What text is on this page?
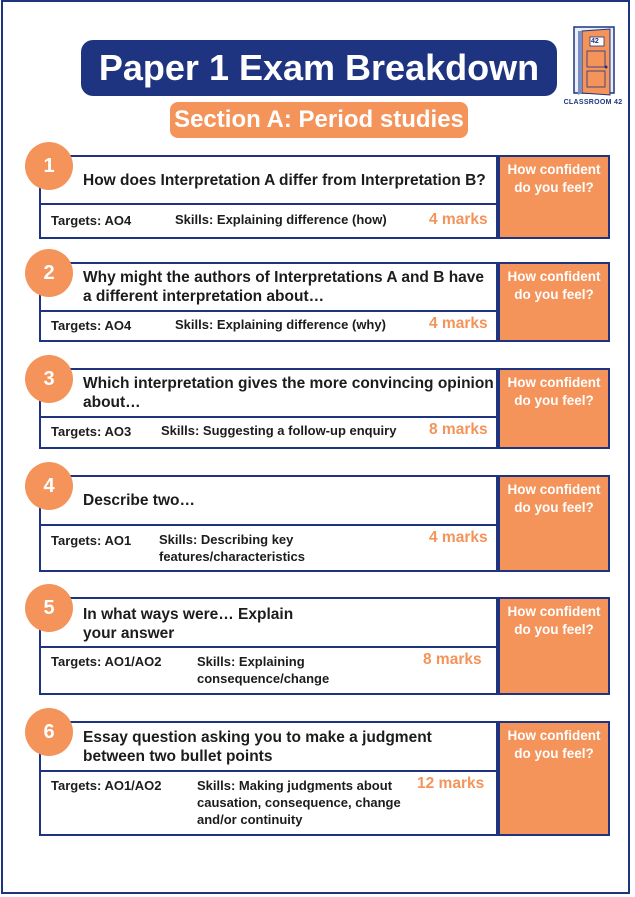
Paper 1 Exam Breakdown
Section A: Period studies
42
CLASSROOM 42
How does Interpretation A differ from Interpretation B?
Targets: AO4	Skills: Explaining difference (how)	4 marks
How confident do you feel?
1
Why might the authors of Interpretations A and B have a different interpretation about…
Targets: AO4	Skills: Explaining difference (why)	4 marks
How confident do you feel?
2
Which interpretation gives the more convincing opinion about…
Targets: AO3 Skills: Suggesting a follow-up enquiry 8 marks
How confident do you feel?
3
Describe two…
Targets: AO1 Skills: Describing key features/characteristics
4 marks
How confident do you feel?
4
In what ways were… Explain your answer
Targets: AO1/AO2	Skills: Explaining consequence/change
8 marks
How confident do you feel?
5
Essay question asking you to make a judgment between two bullet points
Targets: AO1/AO2	Skills: Making judgments about causation, consequence, change and/or continuity
12 marks
How confident do you feel?
6
